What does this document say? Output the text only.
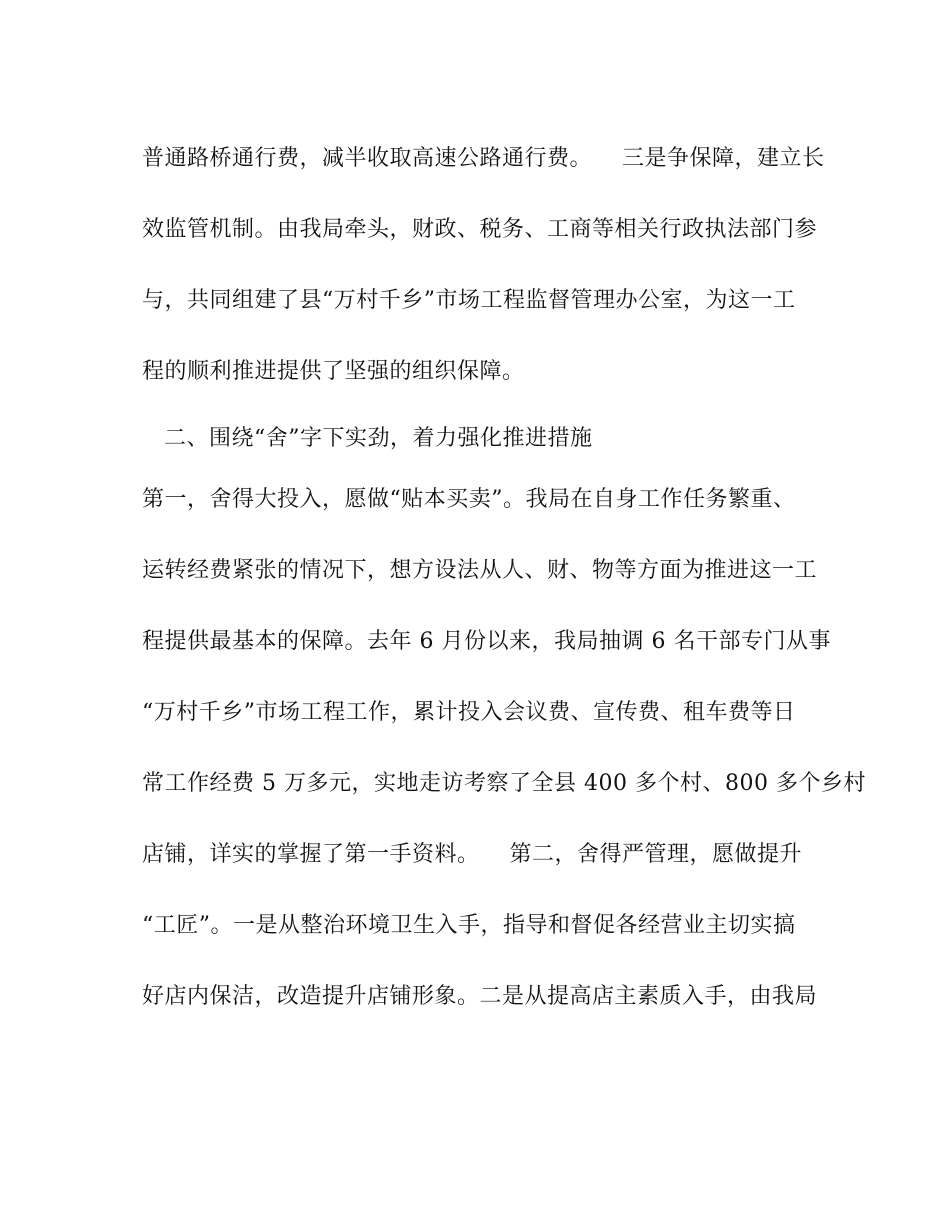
普通路桥通行费，减半收取高速公路通行费。    三是争保障，建立长
效监管机制。由我局牵头，财政、税务、工商等相关行政执法部门参
与，共同组建了县“万村千乡”市场工程监督管理办公室，为这一工
程的顺利推进提供了坚强的组织保障。
二、围绕“舍”字下实劲，着力强化推进措施
第一，舍得大投入，愿做“贴本买卖”。我局在自身工作任务繁重、
运转经费紧张的情况下，想方设法从人、财、物等方面为推进这一工
程提供最基本的保障。去年 6 月份以来，我局抽调 6 名干部专门从事
“万村千乡”市场工程工作，累计投入会议费、宣传费、租车费等日
常工作经费 5 万多元，实地走访考察了全县 400 多个村、800 多个乡村
店铺，详实的掌握了第一手资料。    第二，舍得严管理，愿做提升
“工匠”。一是从整治环境卫生入手，指导和督促各经营业主切实搞
好店内保洁，改造提升店铺形象。二是从提高店主素质入手，由我局
